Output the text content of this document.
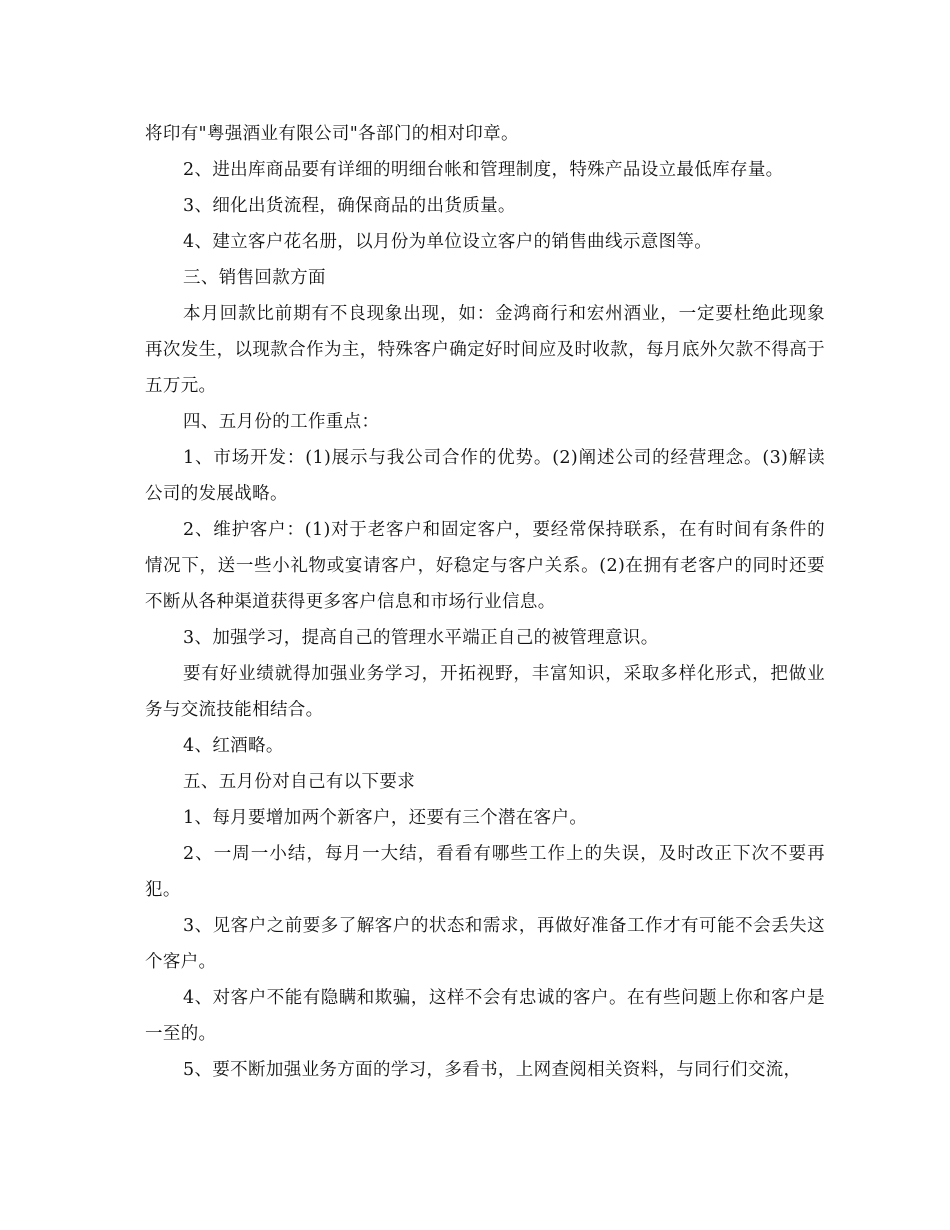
将印有"粤强酒业有限公司"各部门的相对印章。

2、进出库商品要有详细的明细台帐和管理制度，特殊产品设立最低库存量。

3、细化出货流程，确保商品的出货质量。

4、建立客户花名册，以月份为单位设立客户的销售曲线示意图等。

三、销售回款方面

本月回款比前期有不良现象出现，如：金鸿商行和宏州酒业，一定要杜绝此现象再次发生，以现款合作为主，特殊客户确定好时间应及时收款，每月底外欠款不得高于五万元。

四、五月份的工作重点：

1、市场开发：(1)展示与我公司合作的优势。(2)阐述公司的经营理念。(3)解读公司的发展战略。

2、维护客户：(1)对于老客户和固定客户，要经常保持联系，在有时间有条件的情况下，送一些小礼物或宴请客户，好稳定与客户关系。(2)在拥有老客户的同时还要不断从各种渠道获得更多客户信息和市场行业信息。

3、加强学习，提高自己的管理水平端正自己的被管理意识。

要有好业绩就得加强业务学习，开拓视野，丰富知识，采取多样化形式，把做业务与交流技能相结合。

4、红酒略。

五、五月份对自己有以下要求

1、每月要增加两个新客户，还要有三个潜在客户。

2、一周一小结，每月一大结，看看有哪些工作上的失误，及时改正下次不要再犯。

3、见客户之前要多了解客户的状态和需求，再做好准备工作才有可能不会丢失这个客户。

4、对客户不能有隐瞒和欺骗，这样不会有忠诚的客户。在有些问题上你和客户是一至的。

5、要不断加强业务方面的学习，多看书，上网查阅相关资料，与同行们交流，
